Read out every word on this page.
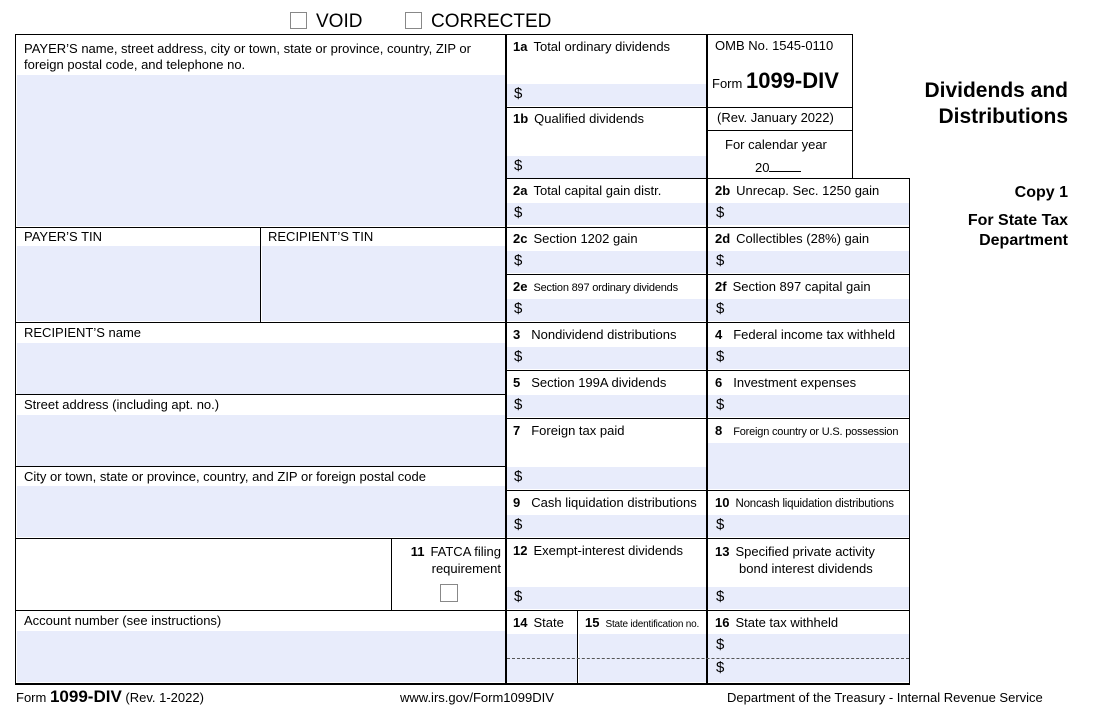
VOID	CORRECTED
PAYER’S name, street address, city or town, state or province, country, ZIP or foreign postal code, and telephone no.
PAYER’S TIN	RECIPIENT’S TIN
RECIPIENT’S name
Street address (including apt. no.)
City or town, state or province, country, and ZIP or foreign postal code
Account number (see instructions)
11 FATCA filing
requirement
1a Total ordinary dividends
$
1b Qualified dividends
$
2a Total capital gain distr.
$
2c Section 1202 gain
$
2e Section 897 ordinary dividends
$
3 Nondividend distributions
$
5 Section 199A dividends
$
7 Foreign tax paid
$
9 Cash liquidation distributions
$
12 Exempt-interest dividends
$
14 State 15 State identification no.
OMB No. 1545-0110
Form 1099-DIV
(Rev. January 2022)
For calendar year
20
2b Unrecap. Sec. 1250 gain
$
2d Collectibles (28%) gain
$
2f Section 897 capital gain
$
4 Federal income tax withheld
$
6 Investment expenses
$
8 Foreign country or U.S. possession
10 Noncash liquidation distributions
$
13 Specified private activity
bond interest dividends
$
16 State tax withheld
$
$
Dividends and
Distributions
Copy 1
For State Tax
Department
Form 1099-DIV (Rev. 1-2022)	www.irs.gov/Form1099DIV	Department of the Treasury - Internal Revenue Service
